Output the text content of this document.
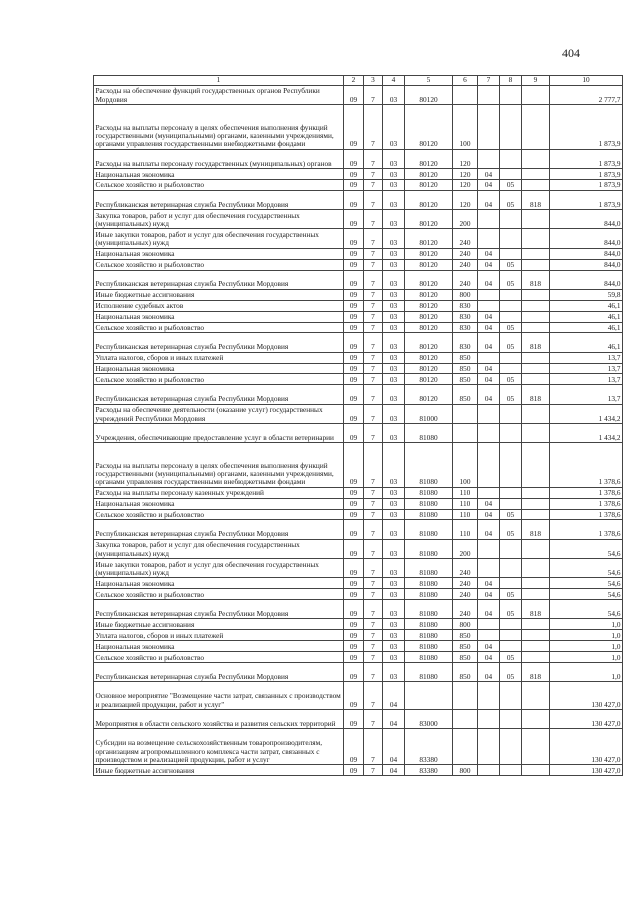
404
1	2	3	4	5	6	7	8	9	10
Расходы на обеспечение функций государственных органов Республики Мордовия	09	7	03	80120					2 777,7
Расходы на выплаты персоналу в целях обеспечения выполнения функций государственными (муниципальными) органами, казенными учреждениями, органами управления государственными внебюджетными фондами	09	7	03	80120	100				1 873,9
Расходы на выплаты персоналу государственных (муниципальных) органов	09	7	03	80120	120				1 873,9
Национальная экономика	09	7	03	80120	120	04			1 873,9
Сельское хозяйство и рыболовство	09	7	03	80120	120	04	05		1 873,9
Республиканская ветеринарная служба Республики Мордовия	09	7	03	80120	120	04	05	818	1 873,9
Закупка товаров, работ и услуг для обеспечения государственных (муниципальных) нужд	09	7	03	80120	200				844,0
Иные закупки товаров, работ и услуг для обеспечения государственных (муниципальных) нужд	09	7	03	80120	240				844,0
Национальная экономика	09	7	03	80120	240	04			844,0
Сельское хозяйство и рыболовство	09	7	03	80120	240	04	05		844,0
Республиканская ветеринарная служба Республики Мордовия	09	7	03	80120	240	04	05	818	844,0
Иные бюджетные ассигнования	09	7	03	80120	800				59,8
Исполнение судебных актов	09	7	03	80120	830				46,1
Национальная экономика	09	7	03	80120	830	04			46,1
Сельское хозяйство и рыболовство	09	7	03	80120	830	04	05		46,1
Республиканская ветеринарная служба Республики Мордовия	09	7	03	80120	830	04	05	818	46,1
Уплата налогов, сборов и иных платежей	09	7	03	80120	850				13,7
Национальная экономика	09	7	03	80120	850	04			13,7
Сельское хозяйство и рыболовство	09	7	03	80120	850	04	05		13,7
Республиканская ветеринарная служба Республики Мордовия	09	7	03	80120	850	04	05	818	13,7
Расходы на обеспечение деятельности (оказание услуг) государственных учреждений Республики Мордовия	09	7	03	81000					1 434,2
Учреждения, обеспечивающие предоставление услуг в области ветеринарии	09	7	03	81080					1 434,2
Расходы на выплаты персоналу в целях обеспечения выполнения функций государственными (муниципальными) органами, казенными учреждениями, органами управления государственными внебюджетными фондами	09	7	03	81080	100				1 378,6
Расходы на выплаты персоналу казенных учреждений	09	7	03	81080	110				1 378,6
Национальная экономика	09	7	03	81080	110	04			1 378,6
Сельское хозяйство и рыболовство	09	7	03	81080	110	04	05		1 378,6
Республиканская ветеринарная служба Республики Мордовия	09	7	03	81080	110	04	05	818	1 378,6
Закупка товаров, работ и услуг для обеспечения государственных (муниципальных) нужд	09	7	03	81080	200				54,6
Иные закупки товаров, работ и услуг для обеспечения государственных (муниципальных) нужд	09	7	03	81080	240				54,6
Национальная экономика	09	7	03	81080	240	04			54,6
Сельское хозяйство и рыболовство	09	7	03	81080	240	04	05		54,6
Республиканская ветеринарная служба Республики Мордовия	09	7	03	81080	240	04	05	818	54,6
Иные бюджетные ассигнования	09	7	03	81080	800				1,0
Уплата налогов, сборов и иных платежей	09	7	03	81080	850				1,0
Национальная экономика	09	7	03	81080	850	04			1,0
Сельское хозяйство и рыболовство	09	7	03	81080	850	04	05		1,0
Республиканская ветеринарная служба Республики Мордовия	09	7	03	81080	850	04	05	818	1,0
Основное мероприятие "Возмещение части затрат, связанных с производством и реализацией продукции, работ и услуг"	09	7	04						130 427,0
Мероприятия в области сельского хозяйства и развития сельских территорий	09	7	04	83000					130 427,0
Субсидии на возмещение сельскохозяйственным товаропроизводителям, организациям агропромышленного комплекса части затрат, связанных с производством и реализацией продукции, работ и услуг	09	7	04	83380					130 427,0
Иные бюджетные ассигнования	09	7	04	83380	800				130 427,0
